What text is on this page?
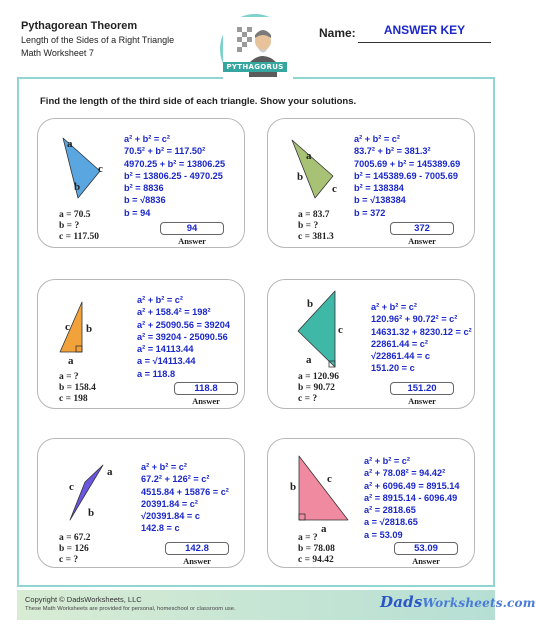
Pythagorean Theorem
Length of the Sides of a Right Triangle
Math Worksheet 7
PYTHAGORUS
Name:	ANSWER KEY
Find the length of the third side of each triangle. Show your solutions.
a
b
c
a = 70.5
b = ?
c = 117.50
a² + b² = c²
70.5² + b² = 117.50²
4970.25 + b² = 13806.25
b² = 13806.25 - 4970.25
b² = 8836
b = √8836
b = 94
94
Answer
a
b
c
a = 83.7
b = ?
c = 381.3
a² + b² = c²
83.7² + b² = 381.3²
7005.69 + b² = 145389.69
b² = 145389.69 - 7005.69
b² = 138384
b = √138384
b = 372
372
Answer
c b
a
a = ?
b = 158.4
c = 198
a² + b² = c²
a² + 158.4² = 198²
a² + 25090.56 = 39204
a² = 39204 - 25090.56
a² = 14113.44
a = √14113.44
a = 118.8
118.8
Answer
b
c
a
a = 120.96
b = 90.72
c = ?
a² + b² = c²
120.96² + 90.72² = c²
14631.32 + 8230.12 = c²
22861.44 = c²
√22861.44 = c
151.20 = c
151.20
Answer
c
a
b
a = 67.2
b = 126
c = ?
a² + b² = c²
67.2² + 126² = c²
4515.84 + 15876 = c²
20391.84 = c²
√20391.84 = c
142.8 = c
142.8
Answer
b
c
a
a = ?
b = 78.08
c = 94.42
a² + b² = c²
a² + 78.08² = 94.42²
a² + 6096.49 = 8915.14
a² = 8915.14 - 6096.49
a² = 2818.65
a = √2818.65
a = 53.09
53.09
Answer
Copyright © DadsWorksheets, LLC
These Math Worksheets are provided for personal, homeschool or classroom use.	DadsWorksheets.com
